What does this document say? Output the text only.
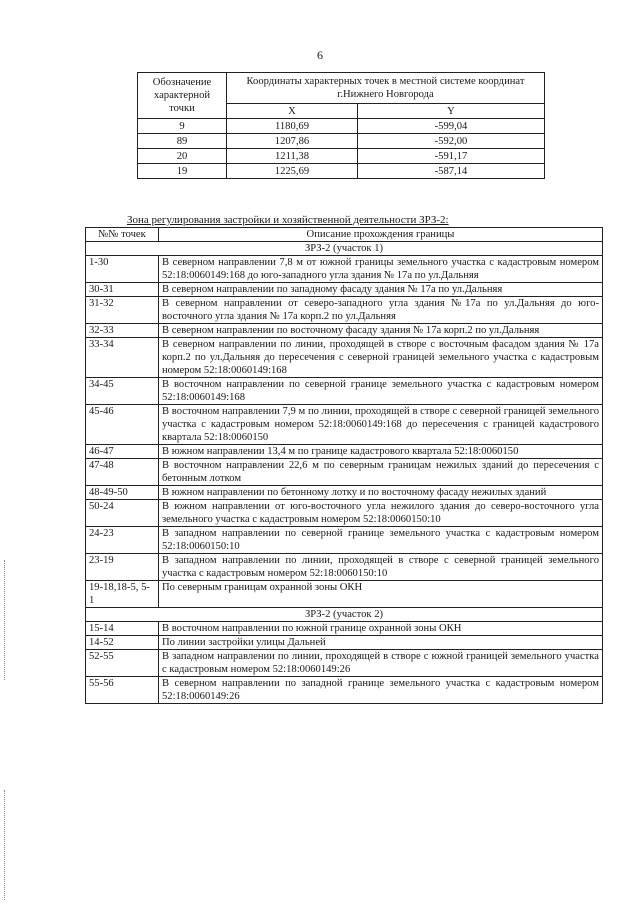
6
Обозначение характерной точки	Координаты характерных точек в местной системе координат г.Нижнего Новгорода	
	X	Y
9	1180,69	-599,04
89	1207,86	-592,00
20	1211,38	-591,17
19	1225,69	-587,14
Зона регулирования застройки и хозяйственной деятельности ЗРЗ-2:
№№ точек	Описание прохождения границы
ЗРЗ-2 (участок 1)	
1-30	В северном направлении 7,8 м от южной границы земельного участка с кадастровым номером 52:18:0060149:168 до юго-западного угла здания № 17а по ул.Дальняя
30-31	В северном направлении по западному фасаду здания № 17а по ул.Дальняя
31-32	В северном направлении от северо-западного угла здания №17а по ул.Дальняя до юго-восточного угла здания № 17а корп.2 по ул.Дальняя
32-33	В северном направлении по восточному фасаду здания № 17а корп.2 по ул.Дальняя
33-34	В северном направлении по линии, проходящей в створе с восточным фасадом здания № 17а корп.2 по ул.Дальняя до пересечения с северной границей земельного участка с кадастровым номером 52:18:0060149:168
34-45	В восточном направлении по северной границе земельного участка с кадастровым номером 52:18:0060149:168
45-46	В восточном направлении 7,9 м по линии, проходящей в створе с северной границей земельного участка с кадастровым номером 52:18:0060149:168 до пересечения с границей кадастрового квартала 52:18:0060150
46-47	В южном направлении 13,4 м по границе кадастрового квартала 52:18:0060150
47-48	В восточном направлении 22,6 м по северным границам нежилых зданий до пересечения с бетонным лотком
48-49-50	В южном направлении по бетонному лотку и по восточному фасаду нежилых зданий
50-24	В южном направлении от юго-восточного угла нежилого здания до северо-восточного угла земельного участка с кадастровым номером 52:18:0060150:10
24-23	В западном направлении по северной границе земельного участка с кадастровым номером 52:18:0060150:10
23-19	В западном направлении по линии, проходящей в створе с северной границей земельного участка с кадастровым номером 52:18:0060150:10
19-18,18-5, 5-1	По северным границам охранной зоны ОКН
ЗРЗ-2 (участок 2)	
15-14	В восточном направлении по южной границе охранной зоны ОКН
14-52	По линии застройки улицы Дальней
52-55	В западном направлении по линии, проходящей в створе с южной границей земельного участка с кадастровым номером 52:18:0060149:26
55-56	В северном направлении по западной границе земельного участка с кадастровым номером 52:18:0060149:26
